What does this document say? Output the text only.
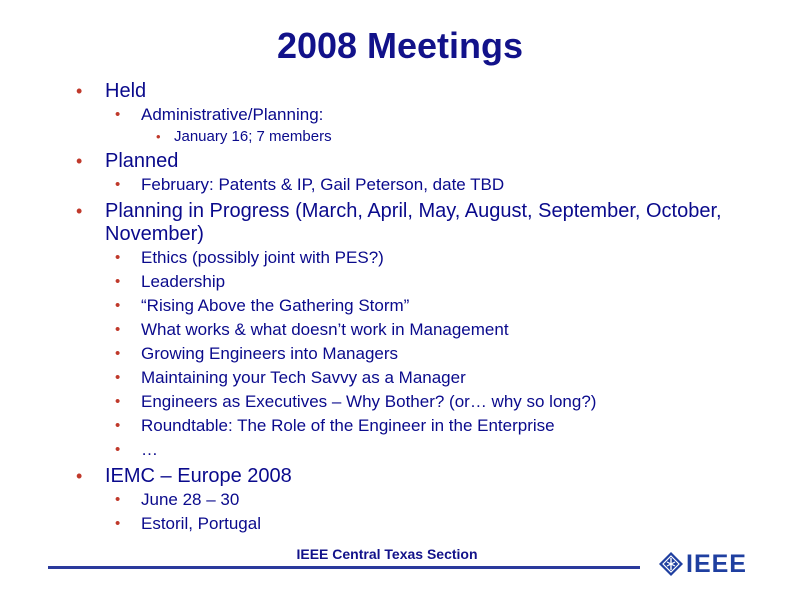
2008 Meetings
• Held
• Administrative/Planning:
• January 16; 7 members
• Planned
• February: Patents & IP, Gail Peterson, date TBD
• Planning in Progress (March, April, May, August, September, October, November)
• Ethics (possibly joint with PES?)
• Leadership
• “Rising Above the Gathering Storm”
• What works & what doesn’t work in Management
• Growing Engineers into Managers
• Maintaining your Tech Savvy as a Manager
• Engineers as Executives – Why Bother? (or… why so long?)
• Roundtable: The Role of the Engineer in the Enterprise
• …
• IEMC – Europe 2008
• June 28 – 30
• Estoril, Portugal
IEEE Central Texas Section	IEEE
